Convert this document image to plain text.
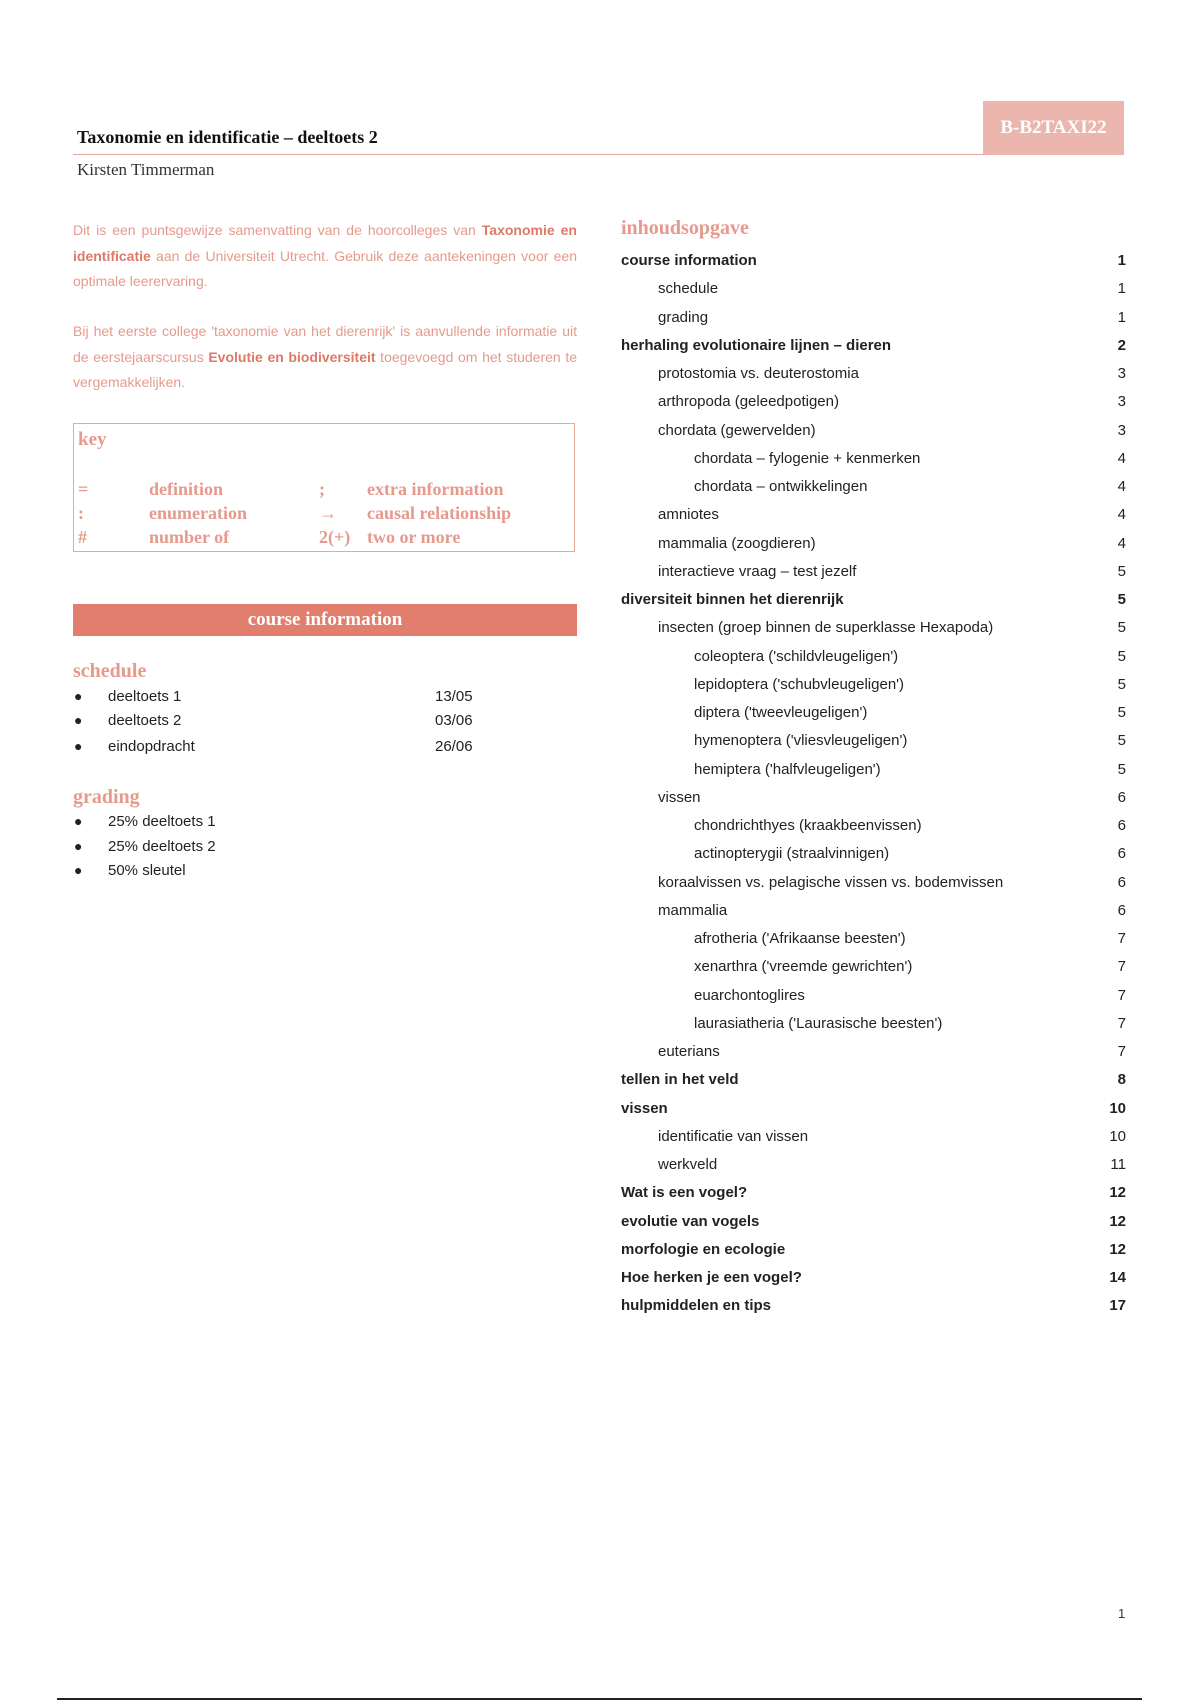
B-B2TAXI22
Taxonomie en identificatie – deeltoets 2
Kirsten Timmerman

Dit is een puntsgewijze samenvatting van de hoorcolleges van Taxonomie en identificatie aan de Universiteit Utrecht. Gebruik deze aantekeningen voor een optimale leerervaring.

Bij het eerste college 'taxonomie van het dierenrijk' is aanvullende informatie uit de eerstejaarscursus Evolutie en biodiversiteit toegevoegd om het studeren te vergemakkelijken.

key
=	definition	; extra information
:	enumeration	→ causal relationship
#	number of	2(+) two or more
course information
schedule
● deeltoets 1	13/05
● deeltoets 2	03/06
● eindopdracht	26/06
grading
● 25% deeltoets 1
● 25% deeltoets 2
● 50% sleutel
inhoudsopgave
course information	1
schedule	1
grading	1
herhaling evolutionaire lijnen – dieren	2
protostomia vs. deuterostomia	3
arthropoda (geleedpotigen)	3
chordata (gewervelden)	3
chordata – fylogenie + kenmerken	4
chordata – ontwikkelingen	4
amniotes	4
mammalia (zoogdieren)	4
interactieve vraag – test jezelf	5
diversiteit binnen het dierenrijk	5
insecten (groep binnen de superklasse Hexapoda)	5
coleoptera ('schildvleugeligen')	5
lepidoptera ('schubvleugeligen')	5
diptera ('tweevleugeligen')	5
hymenoptera ('vliesvleugeligen')	5
hemiptera ('halfvleugeligen')	5
vissen	6
chondrichthyes (kraakbeenvissen)	6
actinopterygii (straalvinnigen)	6
koraalvissen vs. pelagische vissen vs. bodemvissen	6
mammalia	6
afrotheria ('Afrikaanse beesten')	7
xenarthra ('vreemde gewrichten')	7
euarchontoglires	7
laurasiatheria ('Laurasische beesten')	7
euterians	7
tellen in het veld	8
vissen	10
identificatie van vissen	10
werkveld	11
Wat is een vogel?	12
evolutie van vogels	12
morfologie en ecologie	12
Hoe herken je een vogel?	14
hulpmiddelen en tips	17
1
